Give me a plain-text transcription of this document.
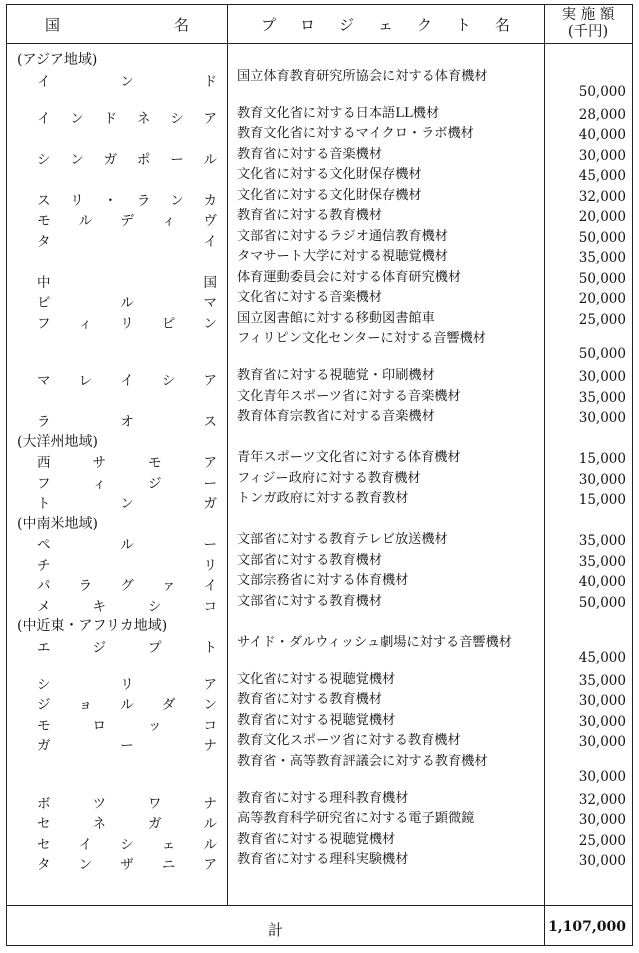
国	名	プ ロ ジ ェ ク ト 名
実 施 額
(千円)
(アジア地域)
イ	ン	ド 国立体育教育研究所協会に対する体育機材
50,000
イ ン ド ネ シ ア 教育文化省に対する日本語LL機材	28,000
教育文化省に対するマイクロ・ラボ機材	40,000
シ ン ガ ポ ー ル 教育省に対する音楽機材	30,000
文化省に対する文化財保存機材	45,000
ス リ ・ ラ ン カ 文化省に対する文化財保存機材	32,000
モ ル デ ィ ヴ 教育省に対する教育機材	20,000
タ	イ 文部省に対するラジオ通信教育機材	50,000
タマサート大学に対する視聴覚機材	35,000
中	国 体育運動委員会に対する体育研究機材	50,000
ビ	ル	マ 文化省に対する音楽機材	20,000
フ ィ リ ピ ン 国立図書館に対する移動図書館車	25,000
フィリピン文化センターに対する音響機材
50,000
マ レ イ シ ア 教育省に対する視聴覚・印刷機材	30,000
文化青年スポーツ省に対する音楽機材	35,000
ラ	オ	ス 教育体育宗教省に対する音楽機材	30,000
(大洋州地域)
西	サ	モ	ア 青年スポーツ文化省に対する体育機材	15,000
フ	ィ	ジ	ー フィジー政府に対する教育機材	30,000
ト	ン	ガ トンガ政府に対する教育教材	15,000
(中南米地域)
ペ	ル	ー 文部省に対する教育テレビ放送機材	35,000
チ	リ 文部省に対する教育機材	35,000
パ ラ グ ァ イ 文部宗務省に対する体育機材	40,000
メ	キ	シ	コ 文部省に対する教育機材	50,000
(中近東・アフリカ地域)
エ	ジ	プ	ト サイド・ダルウィッシュ劇場に対する音響機材
45,000
シ	リ	ア 文化省に対する視聴覚機材	35,000
ジ ョ ル ダ ン 教育省に対する教育機材	30,000
モ	ロ	ッ	コ 教育省に対する視聴覚機材	30,000
ガ	ー	ナ 教育文化スポーツ省に対する教育機材	30,000
教育省・高等教育評議会に対する教育機材
30,000
ボ	ツ	ワ	ナ 教育省に対する理科教育機材	32,000
セ	ネ	ガ	ル 高等教育科学研究省に対する電子顕微鏡	30,000
セ イ シ ェ ル 教育省に対する視聴覚機材	25,000
タ ン ザ ニ ア 教育省に対する理科実験機材	30,000
計	1,107,000
